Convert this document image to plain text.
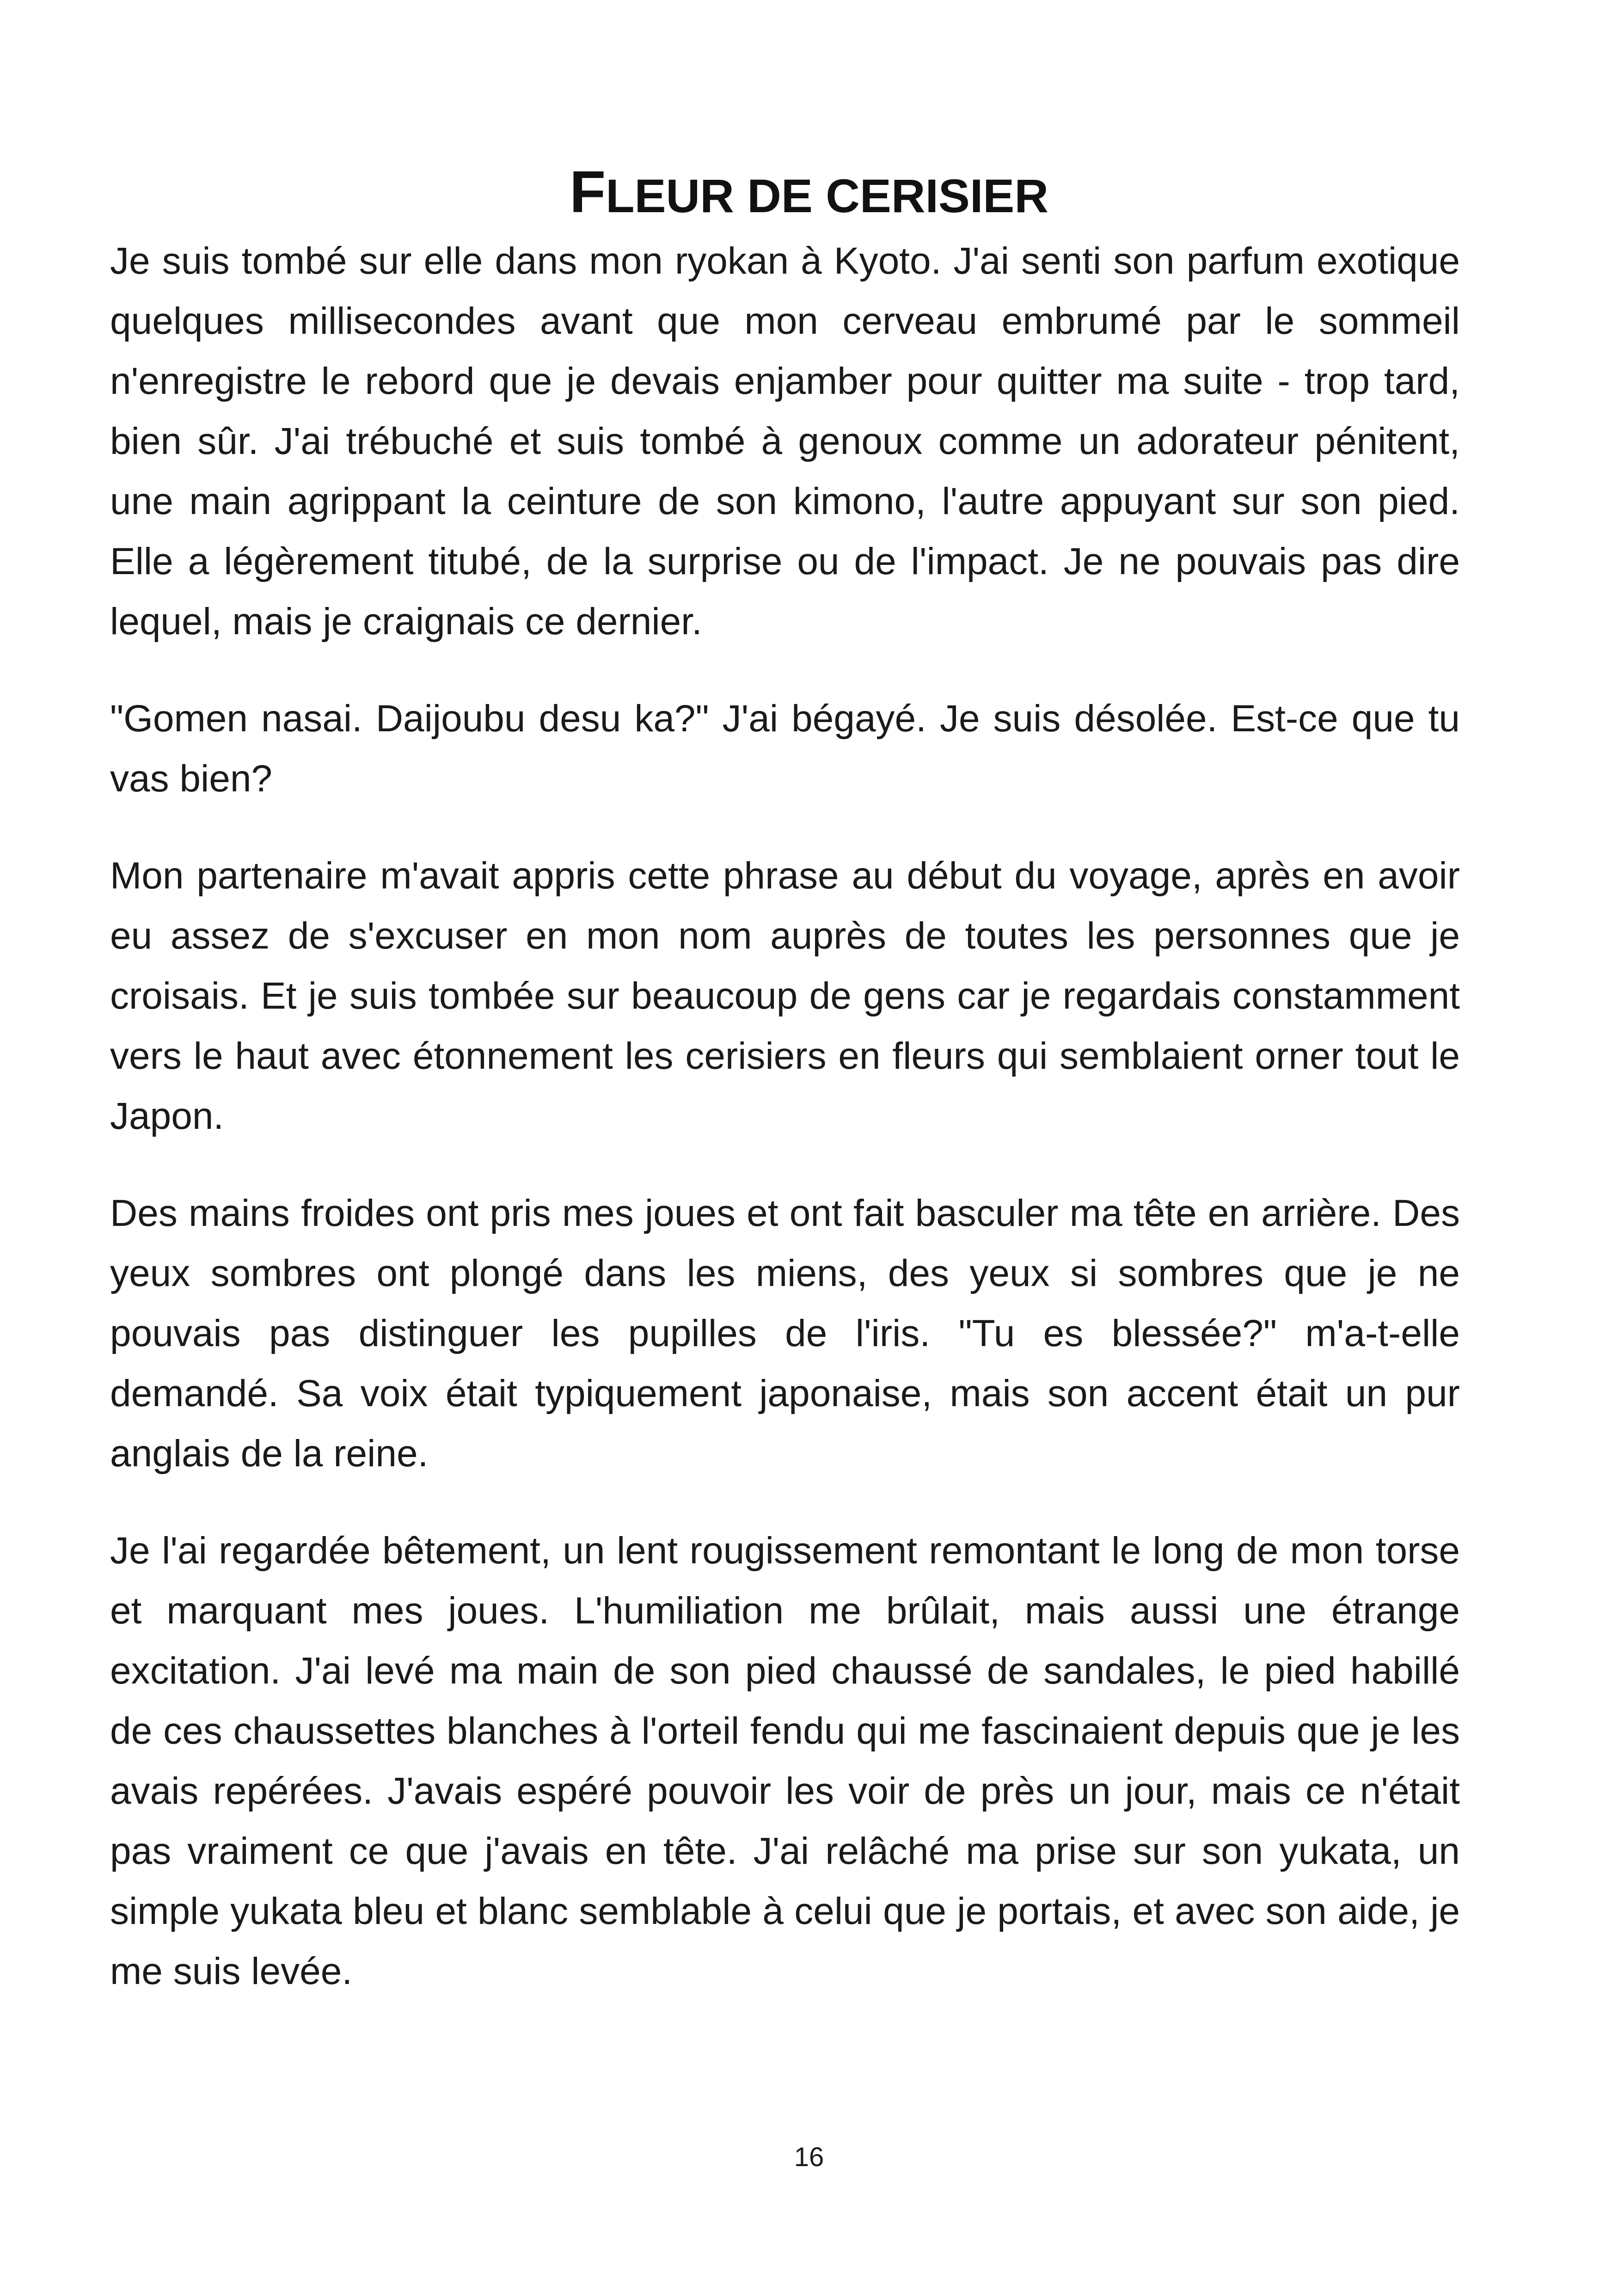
FLEUR DE CERISIER

Je suis tombé sur elle dans mon ryokan à Kyoto. J'ai senti son parfum exotique quelques millisecondes avant que mon cerveau embrumé par le sommeil n'enregistre le rebord que je devais enjamber pour quitter ma suite - trop tard, bien sûr. J'ai trébuché et suis tombé à genoux comme un adorateur pénitent, une main agrippant la ceinture de son kimono, l'autre appuyant sur son pied. Elle a légèrement titubé, de la surprise ou de l'impact. Je ne pouvais pas dire lequel, mais je craignais ce dernier.

"Gomen nasai. Daijoubu desu ka?" J'ai bégayé. Je suis désolée. Est-ce que tu vas bien?

Mon partenaire m'avait appris cette phrase au début du voyage, après en avoir eu assez de s'excuser en mon nom auprès de toutes les personnes que je croisais. Et je suis tombée sur beaucoup de gens car je regardais constamment vers le haut avec étonnement les cerisiers en fleurs qui semblaient orner tout le Japon.

Des mains froides ont pris mes joues et ont fait basculer ma tête en arrière. Des yeux sombres ont plongé dans les miens, des yeux si sombres que je ne pouvais pas distinguer les pupilles de l'iris. "Tu es blessée?" m'a-t-elle demandé. Sa voix était typiquement japonaise, mais son accent était un pur anglais de la reine.

Je l'ai regardée bêtement, un lent rougissement remontant le long de mon torse et marquant mes joues. L'humiliation me brûlait, mais aussi une étrange excitation. J'ai levé ma main de son pied chaussé de sandales, le pied habillé de ces chaussettes blanches à l'orteil fendu qui me fascinaient depuis que je les avais repérées. J'avais espéré pouvoir les voir de près un jour, mais ce n'était pas vraiment ce que j'avais en tête. J'ai relâché ma prise sur son yukata, un simple yukata bleu et blanc semblable à celui que je portais, et avec son aide, je me suis levée.

16
